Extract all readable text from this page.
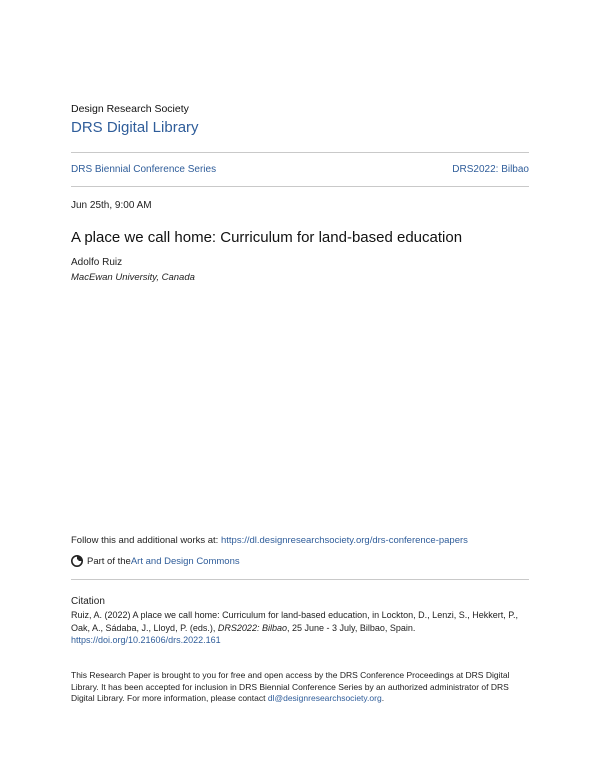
Design Research Society
DRS Digital Library
DRS Biennial Conference Series	DRS2022: Bilbao
Jun 25th, 9:00 AM
A place we call home: Curriculum for land-based education
Adolfo Ruiz
MacEwan University, Canada
Follow this and additional works at: https://dl.designresearchsociety.org/drs-conference-papers
Part of the Art and Design Commons
Citation
Ruiz, A. (2022) A place we call home: Curriculum for land-based education, in Lockton, D., Lenzi, S., Hekkert, P., Oak, A., Sádaba, J., Lloyd, P. (eds.), DRS2022: Bilbao, 25 June - 3 July, Bilbao, Spain.
https://doi.org/10.21606/drs.2022.161
This Research Paper is brought to you for free and open access by the DRS Conference Proceedings at DRS Digital Library. It has been accepted for inclusion in DRS Biennial Conference Series by an authorized administrator of DRS Digital Library. For more information, please contact dl@designresearchsociety.org.
